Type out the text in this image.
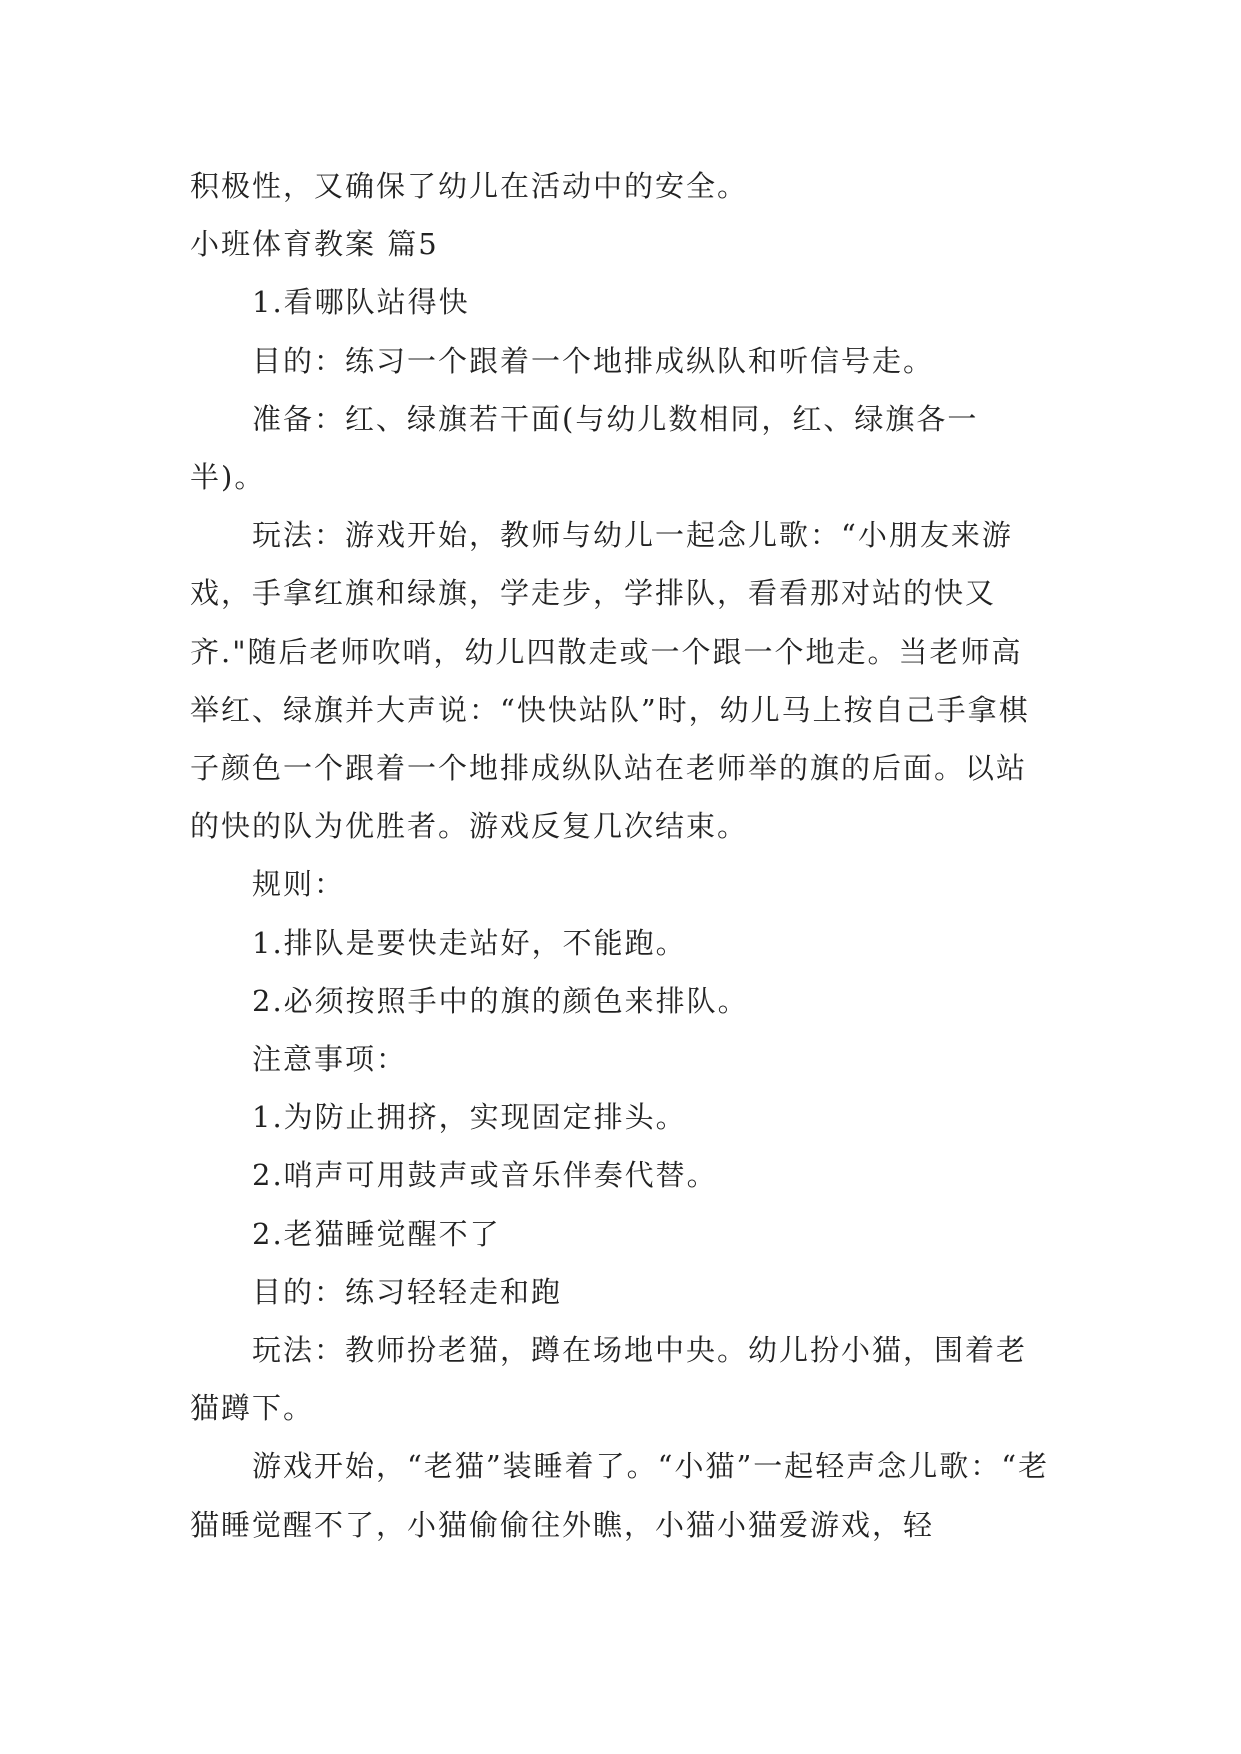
积极性，又确保了幼儿在活动中的安全。

小班体育教案 篇5

1.看哪队站得快

目的：练习一个跟着一个地排成纵队和听信号走。

准备：红、绿旗若干面(与幼儿数相同，红、绿旗各一半)。

玩法：游戏开始，教师与幼儿一起念儿歌：“小朋友来游戏，手拿红旗和绿旗，学走步，学排队，看看那对站的快又齐."随后老师吹哨，幼儿四散走或一个跟一个地走。当老师高举红、绿旗并大声说：“快快站队”时，幼儿马上按自己手拿棋子颜色一个跟着一个地排成纵队站在老师举的旗的后面。以站的快的队为优胜者。游戏反复几次结束。

规则：

1.排队是要快走站好，不能跑。

2.必须按照手中的旗的颜色来排队。

注意事项：

1.为防止拥挤，实现固定排头。

2.哨声可用鼓声或音乐伴奏代替。

2.老猫睡觉醒不了

目的：练习轻轻走和跑

玩法：教师扮老猫，蹲在场地中央。幼儿扮小猫，围着老猫蹲下。

游戏开始，“老猫”装睡着了。“小猫”一起轻声念儿歌：“老猫睡觉醒不了，小猫偷偷往外瞧，小猫小猫爱游戏，轻
